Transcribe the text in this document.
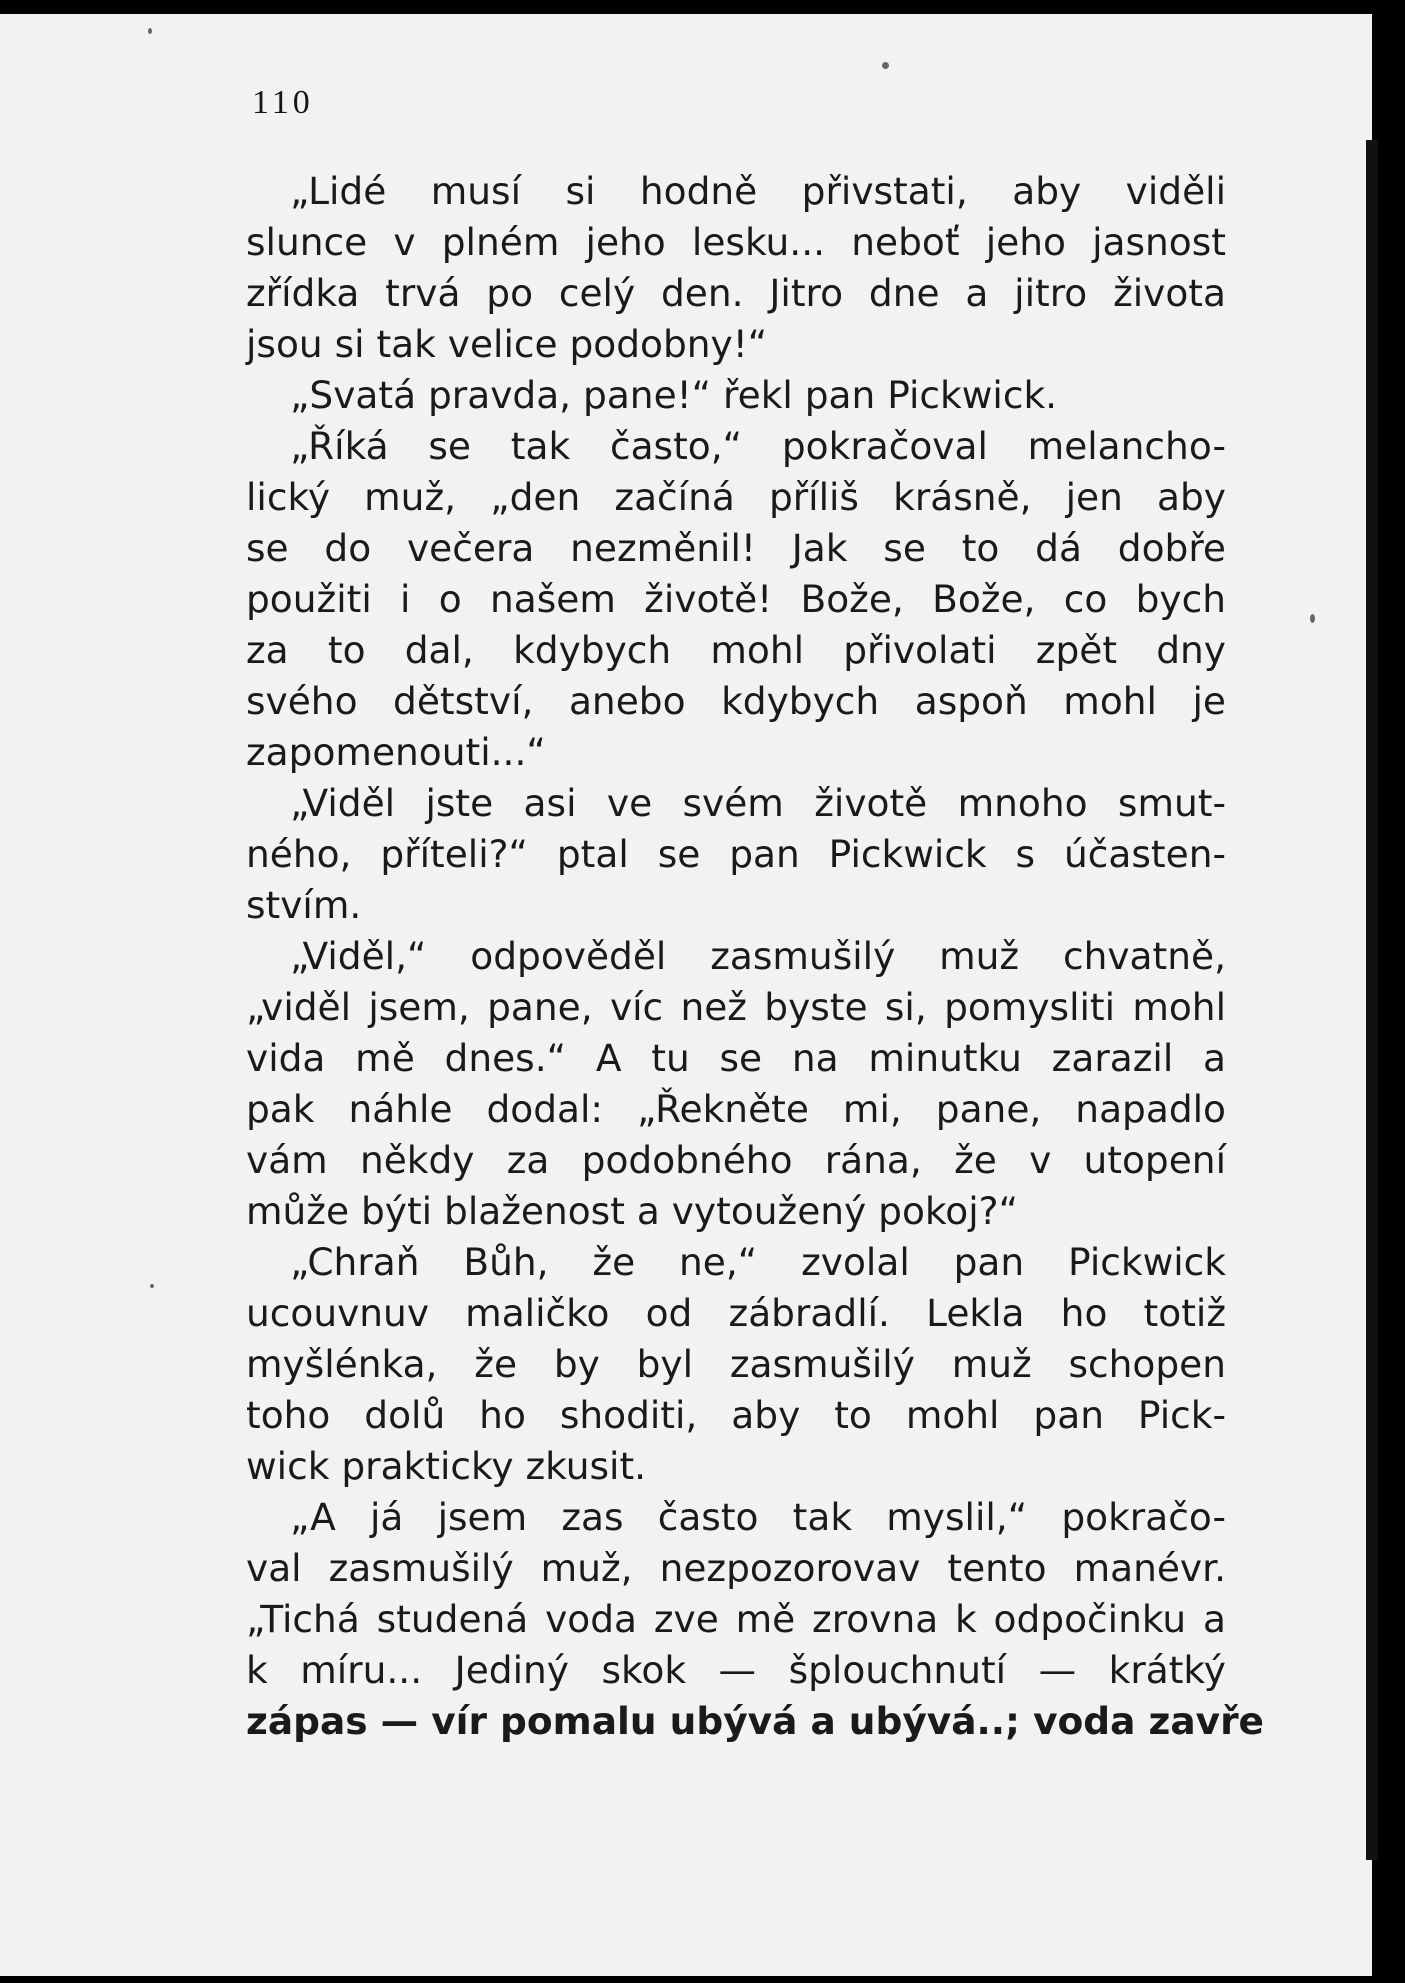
110
„Lidé musí si hodně přivstati, aby viděli
slunce v plném jeho lesku... neboť jeho jasnost
zřídka trvá po celý den. Jitro dne a jitro života
jsou si tak velice podobny!“
„Svatá pravda, pane!“ řekl pan Pickwick.
„Říká se tak často,“ pokračoval melancho-
lický muž, „den začíná příliš krásně, jen aby
se do večera nezměnil! Jak se to dá dobře
použiti i o našem životě! Bože, Bože, co bych
za to dal, kdybych mohl přivolati zpět dny
svého dětství, anebo kdybych aspoň mohl je
zapomenouti...“
„Viděl jste asi ve svém životě mnoho smut-
ného, příteli?“ ptal se pan Pickwick s účasten-
stvím.
„Viděl,“ odpověděl zasmušilý muž chvatně,
„viděl jsem, pane, víc než byste si, pomysliti mohl
vida mě dnes.“ A tu se na minutku zarazil a
pak náhle dodal: „Řekněte mi, pane, napadlo
vám někdy za podobného rána, že v utopení
může býti blaženost a vytoužený pokoj?“
„Chraň Bůh, že ne,“ zvolal pan Pickwick
ucouvnuv maličko od zábradlí. Lekla ho totiž
myšlénka, že by byl zasmušilý muž schopen
toho dolů ho shoditi, aby to mohl pan Pick-
wick prakticky zkusit.
„A já jsem zas často tak myslil,“ pokračo-
val zasmušilý muž, nezpozorovav tento manévr.
„Tichá studená voda zve mě zrovna k odpočinku a
k míru... Jediný skok — šplouchnutí — krátký
zápas — vír pomalu ubývá a ubývá..; voda zavře
